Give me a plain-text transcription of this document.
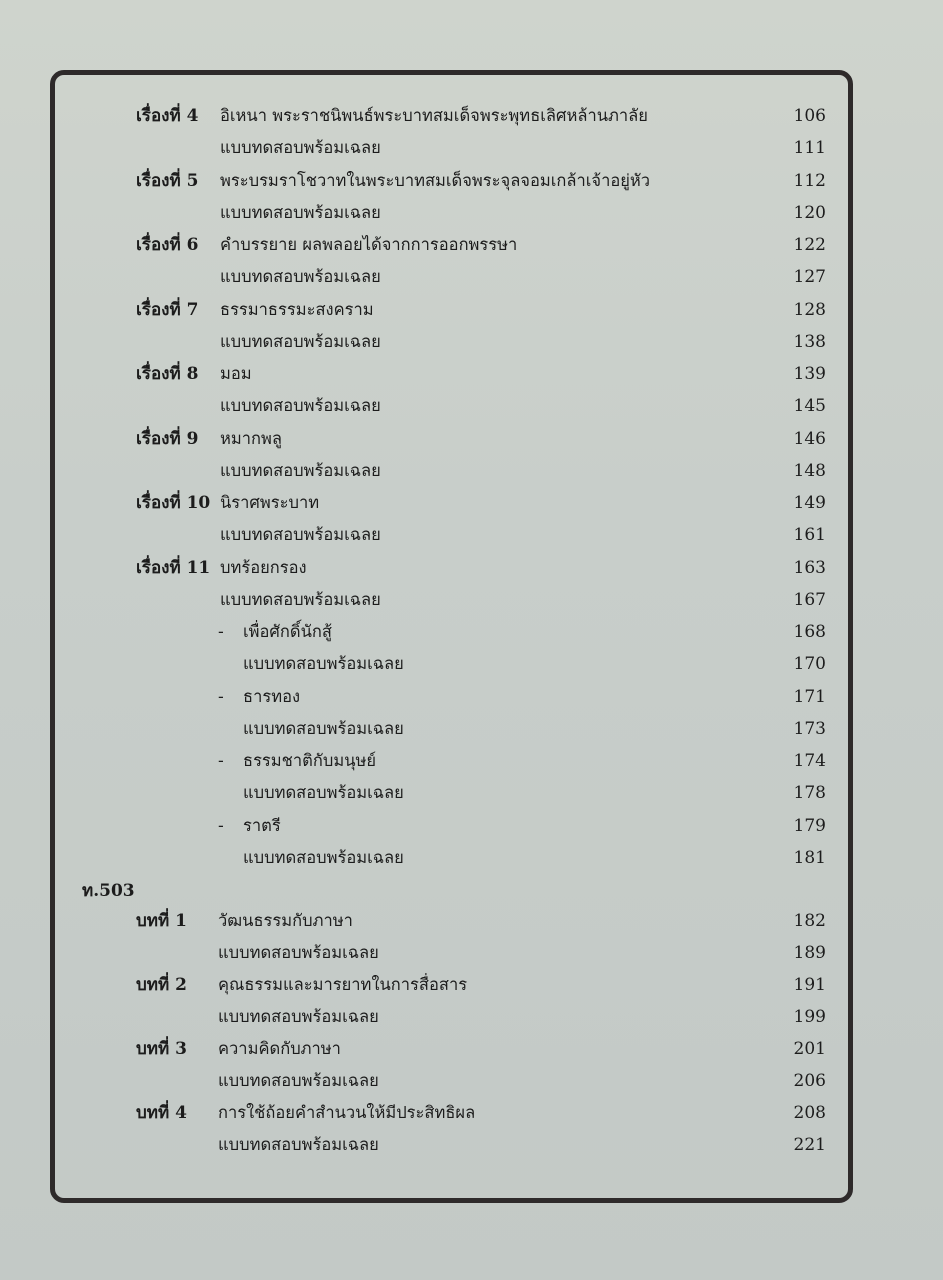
เรื่องที่ 4 อิเหนา พระราชนิพนธ์พระบาทสมเด็จพระพุทธเลิศหล้านภาลัย	106
แบบทดสอบพร้อมเฉลย	111
เรื่องที่ 5 พระบรมราโชวาทในพระบาทสมเด็จพระจุลจอมเกล้าเจ้าอยู่หัว	112
แบบทดสอบพร้อมเฉลย	120
เรื่องที่ 6 คำบรรยาย ผลพลอยได้จากการออกพรรษา	122
แบบทดสอบพร้อมเฉลย	127
เรื่องที่ 7 ธรรมาธรรมะสงคราม	128
แบบทดสอบพร้อมเฉลย	138
เรื่องที่ 8 มอม	139
แบบทดสอบพร้อมเฉลย	145
เรื่องที่ 9 หมากพลู	146
แบบทดสอบพร้อมเฉลย	148
เรื่องที่ 10 นิราศพระบาท	149
แบบทดสอบพร้อมเฉลย	161
เรื่องที่ 11 บทร้อยกรอง	163
แบบทดสอบพร้อมเฉลย	167
- เพื่อศักดิ์นักสู้	168
แบบทดสอบพร้อมเฉลย	170
- ธารทอง	171
แบบทดสอบพร้อมเฉลย	173
- ธรรมชาติกับมนุษย์	174
แบบทดสอบพร้อมเฉลย	178
- ราตรี	179
แบบทดสอบพร้อมเฉลย	181
ท.503
บทที่ 1 วัฒนธรรมกับภาษา	182
แบบทดสอบพร้อมเฉลย	189
บทที่ 2 คุณธรรมและมารยาทในการสื่อสาร	191
แบบทดสอบพร้อมเฉลย	199
บทที่ 3 ความคิดกับภาษา	201
แบบทดสอบพร้อมเฉลย	206
บทที่ 4 การใช้ถ้อยคำสำนวนให้มีประสิทธิผล	208
แบบทดสอบพร้อมเฉลย	221
